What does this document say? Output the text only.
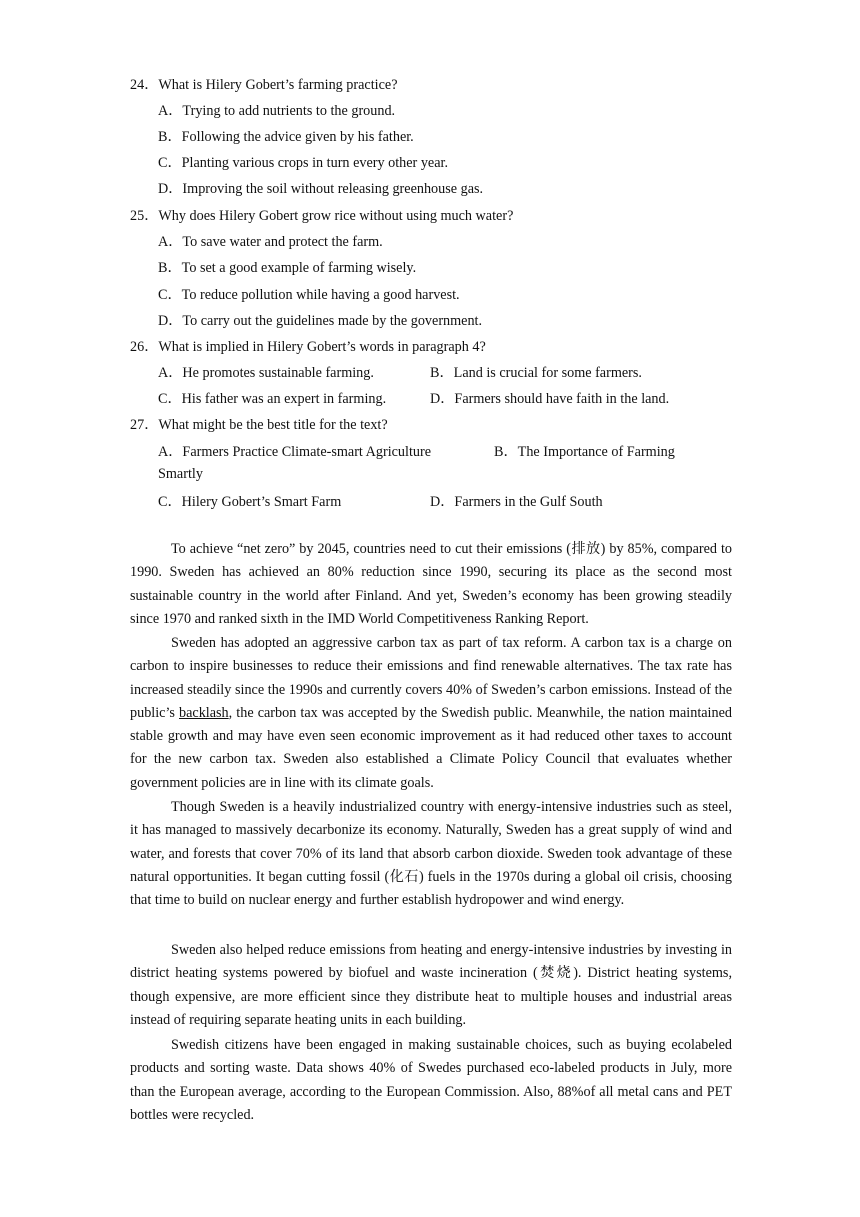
24．What is Hilery Gobert’s farming practice?
A．Trying to add nutrients to the ground.
B．Following the advice given by his father.
C．Planting various crops in turn every other year.
D．Improving the soil without releasing greenhouse gas.
25．Why does Hilery Gobert grow rice without using much water?
A．To save water and protect the farm.
B．To set a good example of farming wisely.
C．To reduce pollution while having a good harvest.
D．To carry out the guidelines made by the government.
26．What is implied in Hilery Gobert’s words in paragraph 4?
A．He promotes sustainable farming.	B．Land is crucial for some farmers.
C．His father was an expert in farming.	D．Farmers should have faith in the land.
27．What might be the best title for the text?
A．Farmers Practice Climate-smart Agriculture	B．The Importance of Farming
Smartly
C．Hilery Gobert’s Smart Farm	D．Farmers in the Gulf South

To achieve “net zero” by 2045, countries need to cut their emissions (排放) by 85%, compared to 1990. Sweden has achieved an 80% reduction since 1990, securing its place as the second most sustainable country in the world after Finland. And yet, Sweden’s economy has been growing steadily since 1970 and ranked sixth in the IMD World Competitiveness Ranking Report.

Sweden has adopted an aggressive carbon tax as part of tax reform. A carbon tax is a charge on carbon to inspire businesses to reduce their emissions and find renewable alternatives. The tax rate has increased steadily since the 1990s and currently covers 40% of Sweden’s carbon emissions. Instead of the public’s backlash, the carbon tax was accepted by the Swedish public. Meanwhile, the nation maintained stable growth and may have even seen economic improvement as it had reduced other taxes to account for the new carbon tax. Sweden also established a Climate Policy Council that evaluates whether government policies are in line with its climate goals.

Though Sweden is a heavily industrialized country with energy-intensive industries such as steel, it has managed to massively decarbonize its economy. Naturally, Sweden has a great supply of wind and water, and forests that cover 70% of its land that absorb carbon dioxide. Sweden took advantage of these natural opportunities. It began cutting fossil (化石) fuels in the 1970s during a global oil crisis, choosing that time to build on nuclear energy and further establish hydropower and wind energy.

Sweden also helped reduce emissions from heating and energy-intensive industries by investing in district heating systems powered by biofuel and waste incineration (焚烧). District heating systems, though expensive, are more efficient since they distribute heat to multiple houses and industrial areas instead of requiring separate heating units in each building.

Swedish citizens have been engaged in making sustainable choices, such as buying ecolabeled products and sorting waste. Data shows 40% of Swedes purchased eco-labeled products in July, more than the European average, according to the European Commission. Also, 88%of all metal cans and PET bottles were recycled.
